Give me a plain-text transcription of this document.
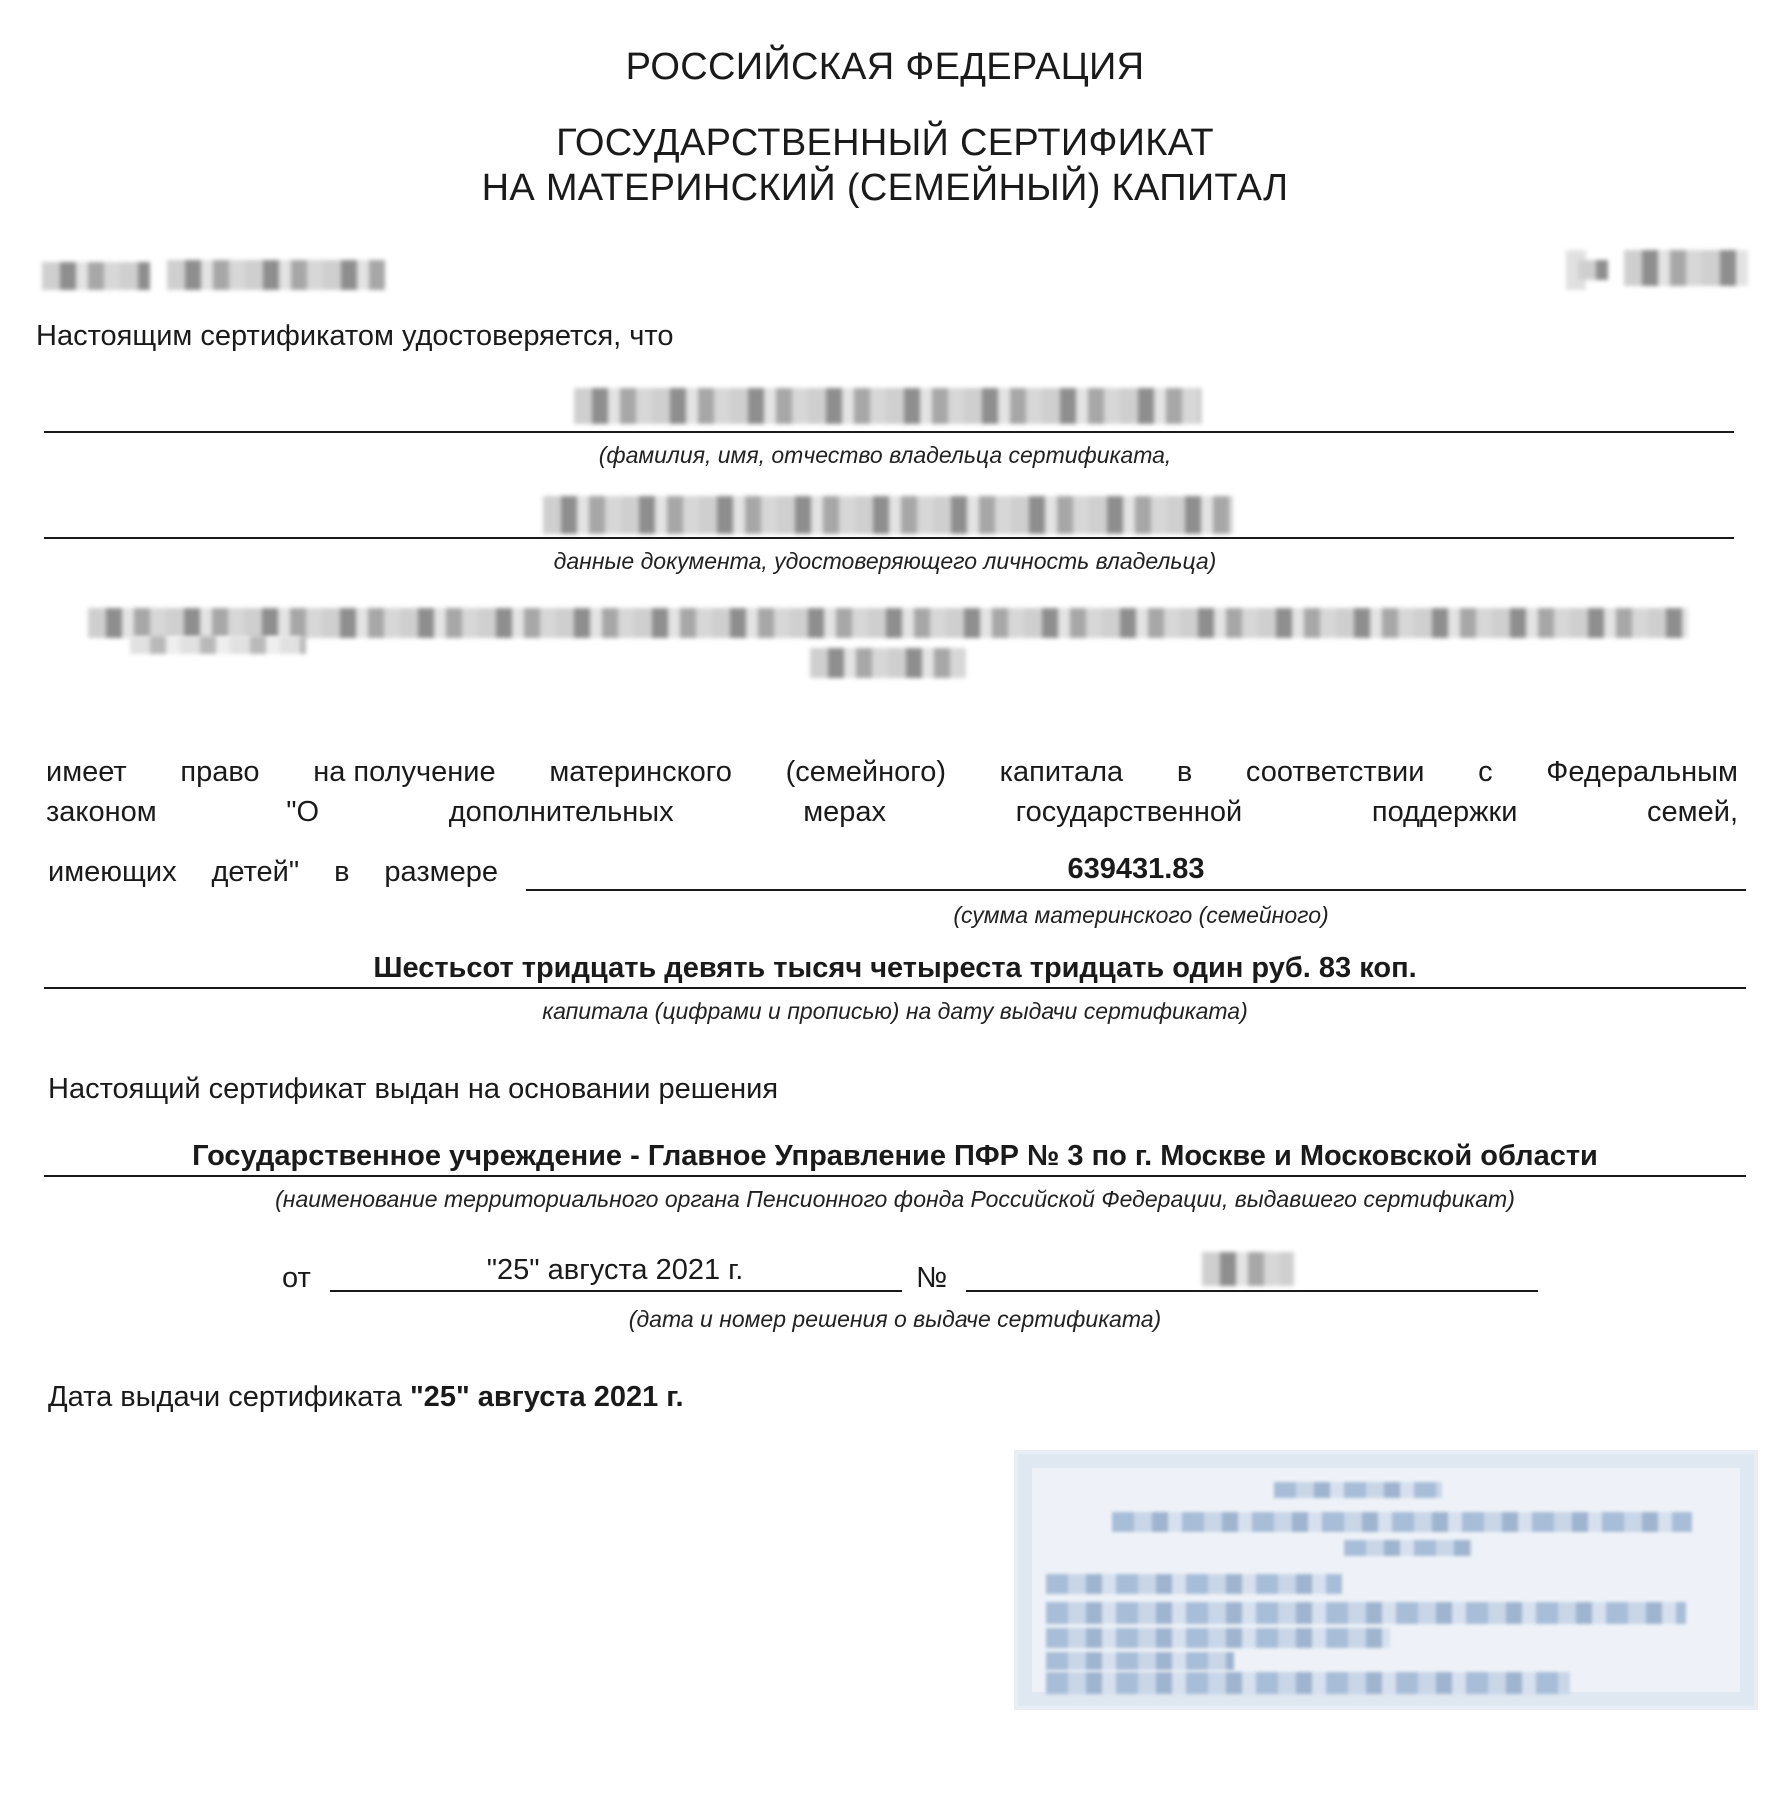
РОССИЙСКАЯ ФЕДЕРАЦИЯ
ГОСУДАРСТВЕННЫЙ СЕРТИФИКАТ
НА МАТЕРИНСКИЙ (СЕМЕЙНЫЙ) КАПИТАЛ
Настоящим сертификатом удостоверяется, что
(фамилия, имя, отчество владельца сертификата,
данные документа, удостоверяющего личность владельца)
имеет право на получение материнского (семейного) капитала в соответствии с Федеральным
законом	"О	дополнительных	мерах	государственной	поддержки	семей,
имеющих детей" в размере	639431.83
(сумма материнского (семейного)
Шестьсот тридцать девять тысяч четыреста тридцать один руб. 83 коп.
капитала (цифрами и прописью) на дату выдачи сертификата)
Настоящий сертификат выдан на основании решения
Государственное учреждение - Главное Управление ПФР № 3 по г. Москве и Московской области
(наименование территориального органа Пенсионного фонда Российской Федерации, выдавшего сертификат)
от	"25" августа 2021 г.	№
(дата и номер решения о выдаче сертификата)
Дата выдачи сертификата "25" августа 2021 г.
